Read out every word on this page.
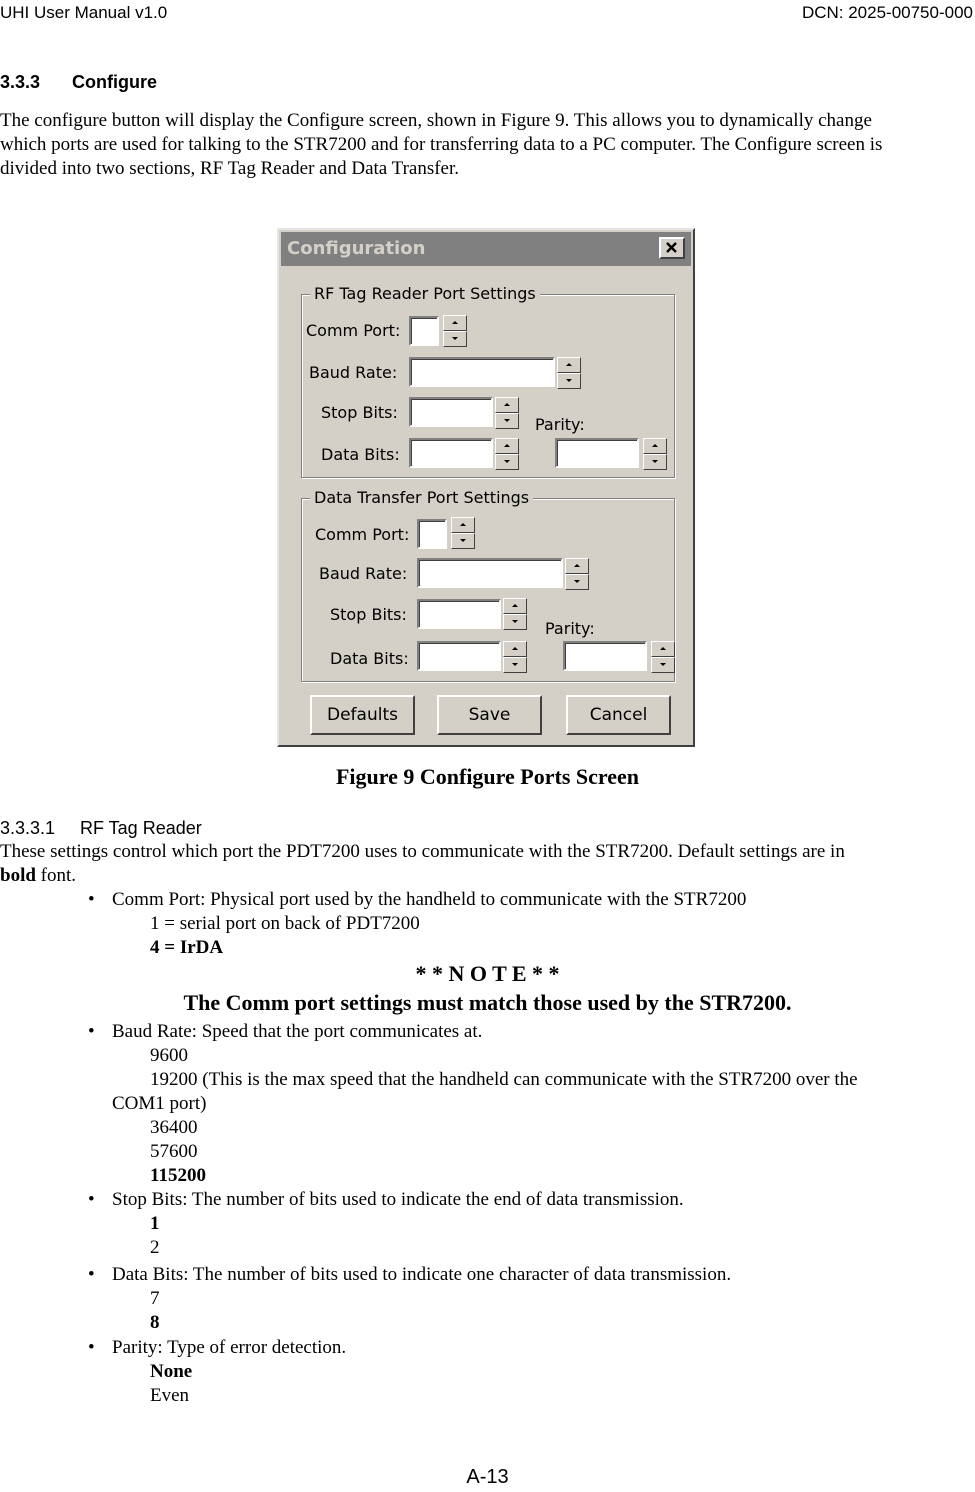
UHI User Manual v1.0	DCN: 2025-00750-000
3.3.3 Configure
The configure button will display the Configure screen, shown in Figure 9. This allows you to dynamically change
which ports are used for talking to the STR7200 and for transferring data to a PC computer. The Configure screen is
divided into two sections, RF Tag Reader and Data Transfer.
Configuration
RF Tag Reader Port Settings
Comm Port:
Baud Rate:
Stop Bits:
Parity:
Data Bits:
Data Transfer Port Settings
Comm Port:
Baud Rate:
Stop Bits:
Parity:
Data Bits:
Defaults	Save	Cancel
Figure 9 Configure Ports Screen
3.3.3.1 RF Tag Reader
These settings control which port the PDT7200 uses to communicate with the STR7200. Default settings are in
bold font.
• Comm Port: Physical port used by the handheld to communicate with the STR7200
1 = serial port on back of PDT7200
4 = IrDA
* * N O T E * *
The Comm port settings must match those used by the STR7200.
• Baud Rate: Speed that the port communicates at.
9600
19200 (This is the max speed that the handheld can communicate with the STR7200 over the
COM1 port)
36400
57600
115200
• Stop Bits: The number of bits used to indicate the end of data transmission.
1
2
• Data Bits: The number of bits used to indicate one character of data transmission.
7
8
• Parity: Type of error detection.
None
Even
A-13
